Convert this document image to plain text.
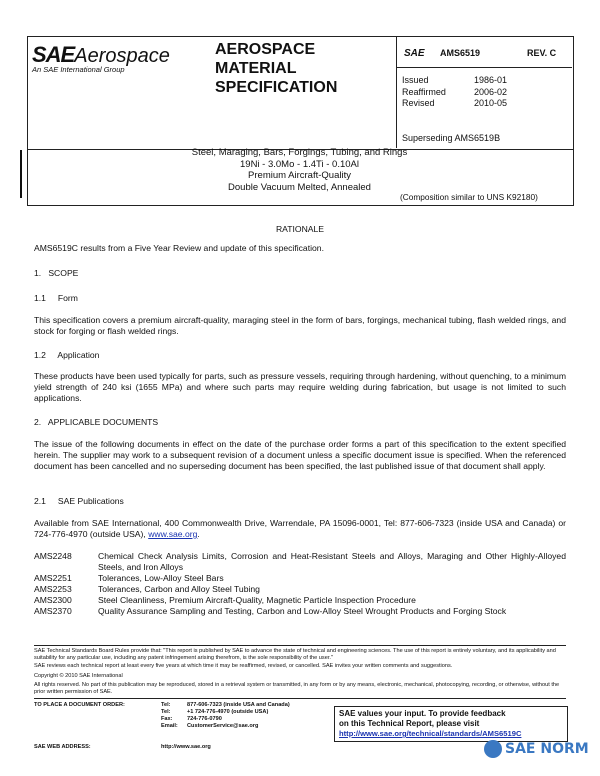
SAEAerospace
An SAE International Group
AEROSPACE
MATERIAL
SPECIFICATION
SAE AMS6519	REV. C
Issued	1986-01
Reaffirmed	2006-02
Revised	2010-05
Superseding AMS6519B
Steel, Maraging, Bars, Forgings, Tubing, and Rings
19Ni - 3.0Mo - 1.4Ti - 0.10Al
Premium Aircraft-Quality
Double Vacuum Melted, Annealed
(Composition similar to UNS K92180)
RATIONALE
AMS6519C results from a Five Year Review and update of this specification.
1.   SCOPE
1.1     Form
This specification covers a premium aircraft-quality, maraging steel in the form of bars, forgings, mechanical tubing, flash welded rings, and stock for forging or flash welded rings.
1.2     Application
These products have been used typically for parts, such as pressure vessels, requiring through hardening, without quenching, to a minimum yield strength of 240 ksi (1655 MPa) and where such parts may require welding during fabrication, but usage is not limited to such applications.
2.   APPLICABLE DOCUMENTS
The issue of the following documents in effect on the date of the purchase order forms a part of this specification to the extent specified herein. The supplier may work to a subsequent revision of a document unless a specific document issue is specified. When the referenced document has been cancelled and no superseding document has been specified, the last published issue of that document shall apply.
2.1     SAE Publications
Available from SAE International, 400 Commonwealth Drive, Warrendale, PA 15096-0001, Tel: 877-606-7323 (inside USA and Canada) or 724-776-4970 (outside USA), www.sae.org.
AMS2248	Chemical Check Analysis Limits, Corrosion and Heat-Resistant Steels and Alloys, Maraging and Other Highly-Alloyed Steels, and Iron Alloys
AMS2251	Tolerances, Low-Alloy Steel Bars
AMS2253	Tolerances, Carbon and Alloy Steel Tubing
AMS2300	Steel Cleanliness, Premium Aircraft-Quality, Magnetic Particle Inspection Procedure
AMS2370	Quality Assurance Sampling and Testing, Carbon and Low-Alloy Steel Wrought Products and Forging Stock
SAE Technical Standards Board Rules provide that: "This report is published by SAE to advance the state of technical and engineering sciences. The use of this report is entirely voluntary, and its applicability and suitability for any particular use, including any patent infringement arising therefrom, is the sole responsibility of the user."
SAE reviews each technical report at least every five years at which time it may be reaffirmed, revised, or cancelled. SAE invites your written comments and suggestions.
Copyright © 2010 SAE International
All rights reserved. No part of this publication may be reproduced, stored in a retrieval system or transmitted, in any form or by any means, electronic, mechanical, photocopying, recording, or otherwise, without the prior written permission of SAE.
TO PLACE A DOCUMENT ORDER:	Tel:	877-606-7323 (inside USA and Canada)
Tel:	+1 724-776-4970 (outside USA)
Fax:	724-776-0790
Email:	CustomerService@sae.org
SAE WEB ADDRESS:	http://www.sae.org
SAE values your input. To provide feedback
on this Technical Report, please visit
http://www.sae.org/technical/standards/AMS6519C
SAE NORM
